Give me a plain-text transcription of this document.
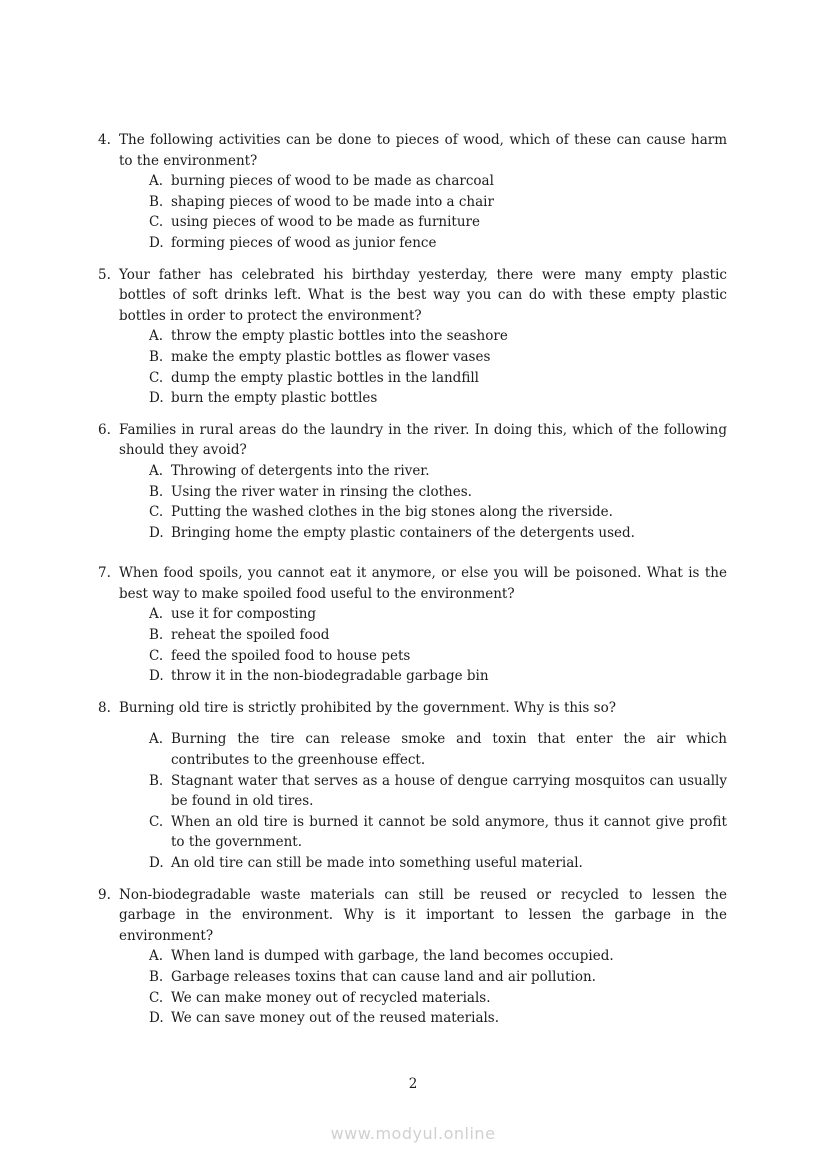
4. The following activities can be done to pieces of wood, which of these can cause harm to the environment?
A. burning pieces of wood to be made as charcoal
B. shaping pieces of wood to be made into a chair
C. using pieces of wood to be made as furniture
D. forming pieces of wood as junior fence
5. Your father has celebrated his birthday yesterday, there were many empty plastic bottles of soft drinks left. What is the best way you can do with these empty plastic bottles in order to protect the environment?
A. throw the empty plastic bottles into the seashore
B. make the empty plastic bottles as flower vases
C. dump the empty plastic bottles in the landfill
D. burn the empty plastic bottles
6. Families in rural areas do the laundry in the river. In doing this, which of the following should they avoid?
A. Throwing of detergents into the river.
B. Using the river water in rinsing the clothes.
C. Putting the washed clothes in the big stones along the riverside.
D. Bringing home the empty plastic containers of the detergents used.
7. When food spoils, you cannot eat it anymore, or else you will be poisoned. What is the best way to make spoiled food useful to the environment?
A. use it for composting
B. reheat the spoiled food
C. feed the spoiled food to house pets
D. throw it in the non-biodegradable garbage bin
8. Burning old tire is strictly prohibited by the government. Why is this so?
A. Burning the tire can release smoke and toxin that enter the air which contributes to the greenhouse effect.
B. Stagnant water that serves as a house of dengue carrying mosquitos can usually be found in old tires.
C. When an old tire is burned it cannot be sold anymore, thus it cannot give profit to the government.
D. An old tire can still be made into something useful material.
9. Non-biodegradable waste materials can still be reused or recycled to lessen the garbage in the environment. Why is it important to lessen the garbage in the environment?
A. When land is dumped with garbage, the land becomes occupied.
B. Garbage releases toxins that can cause land and air pollution.
C. We can make money out of recycled materials.
D. We can save money out of the reused materials.
2
www.modyul.online
